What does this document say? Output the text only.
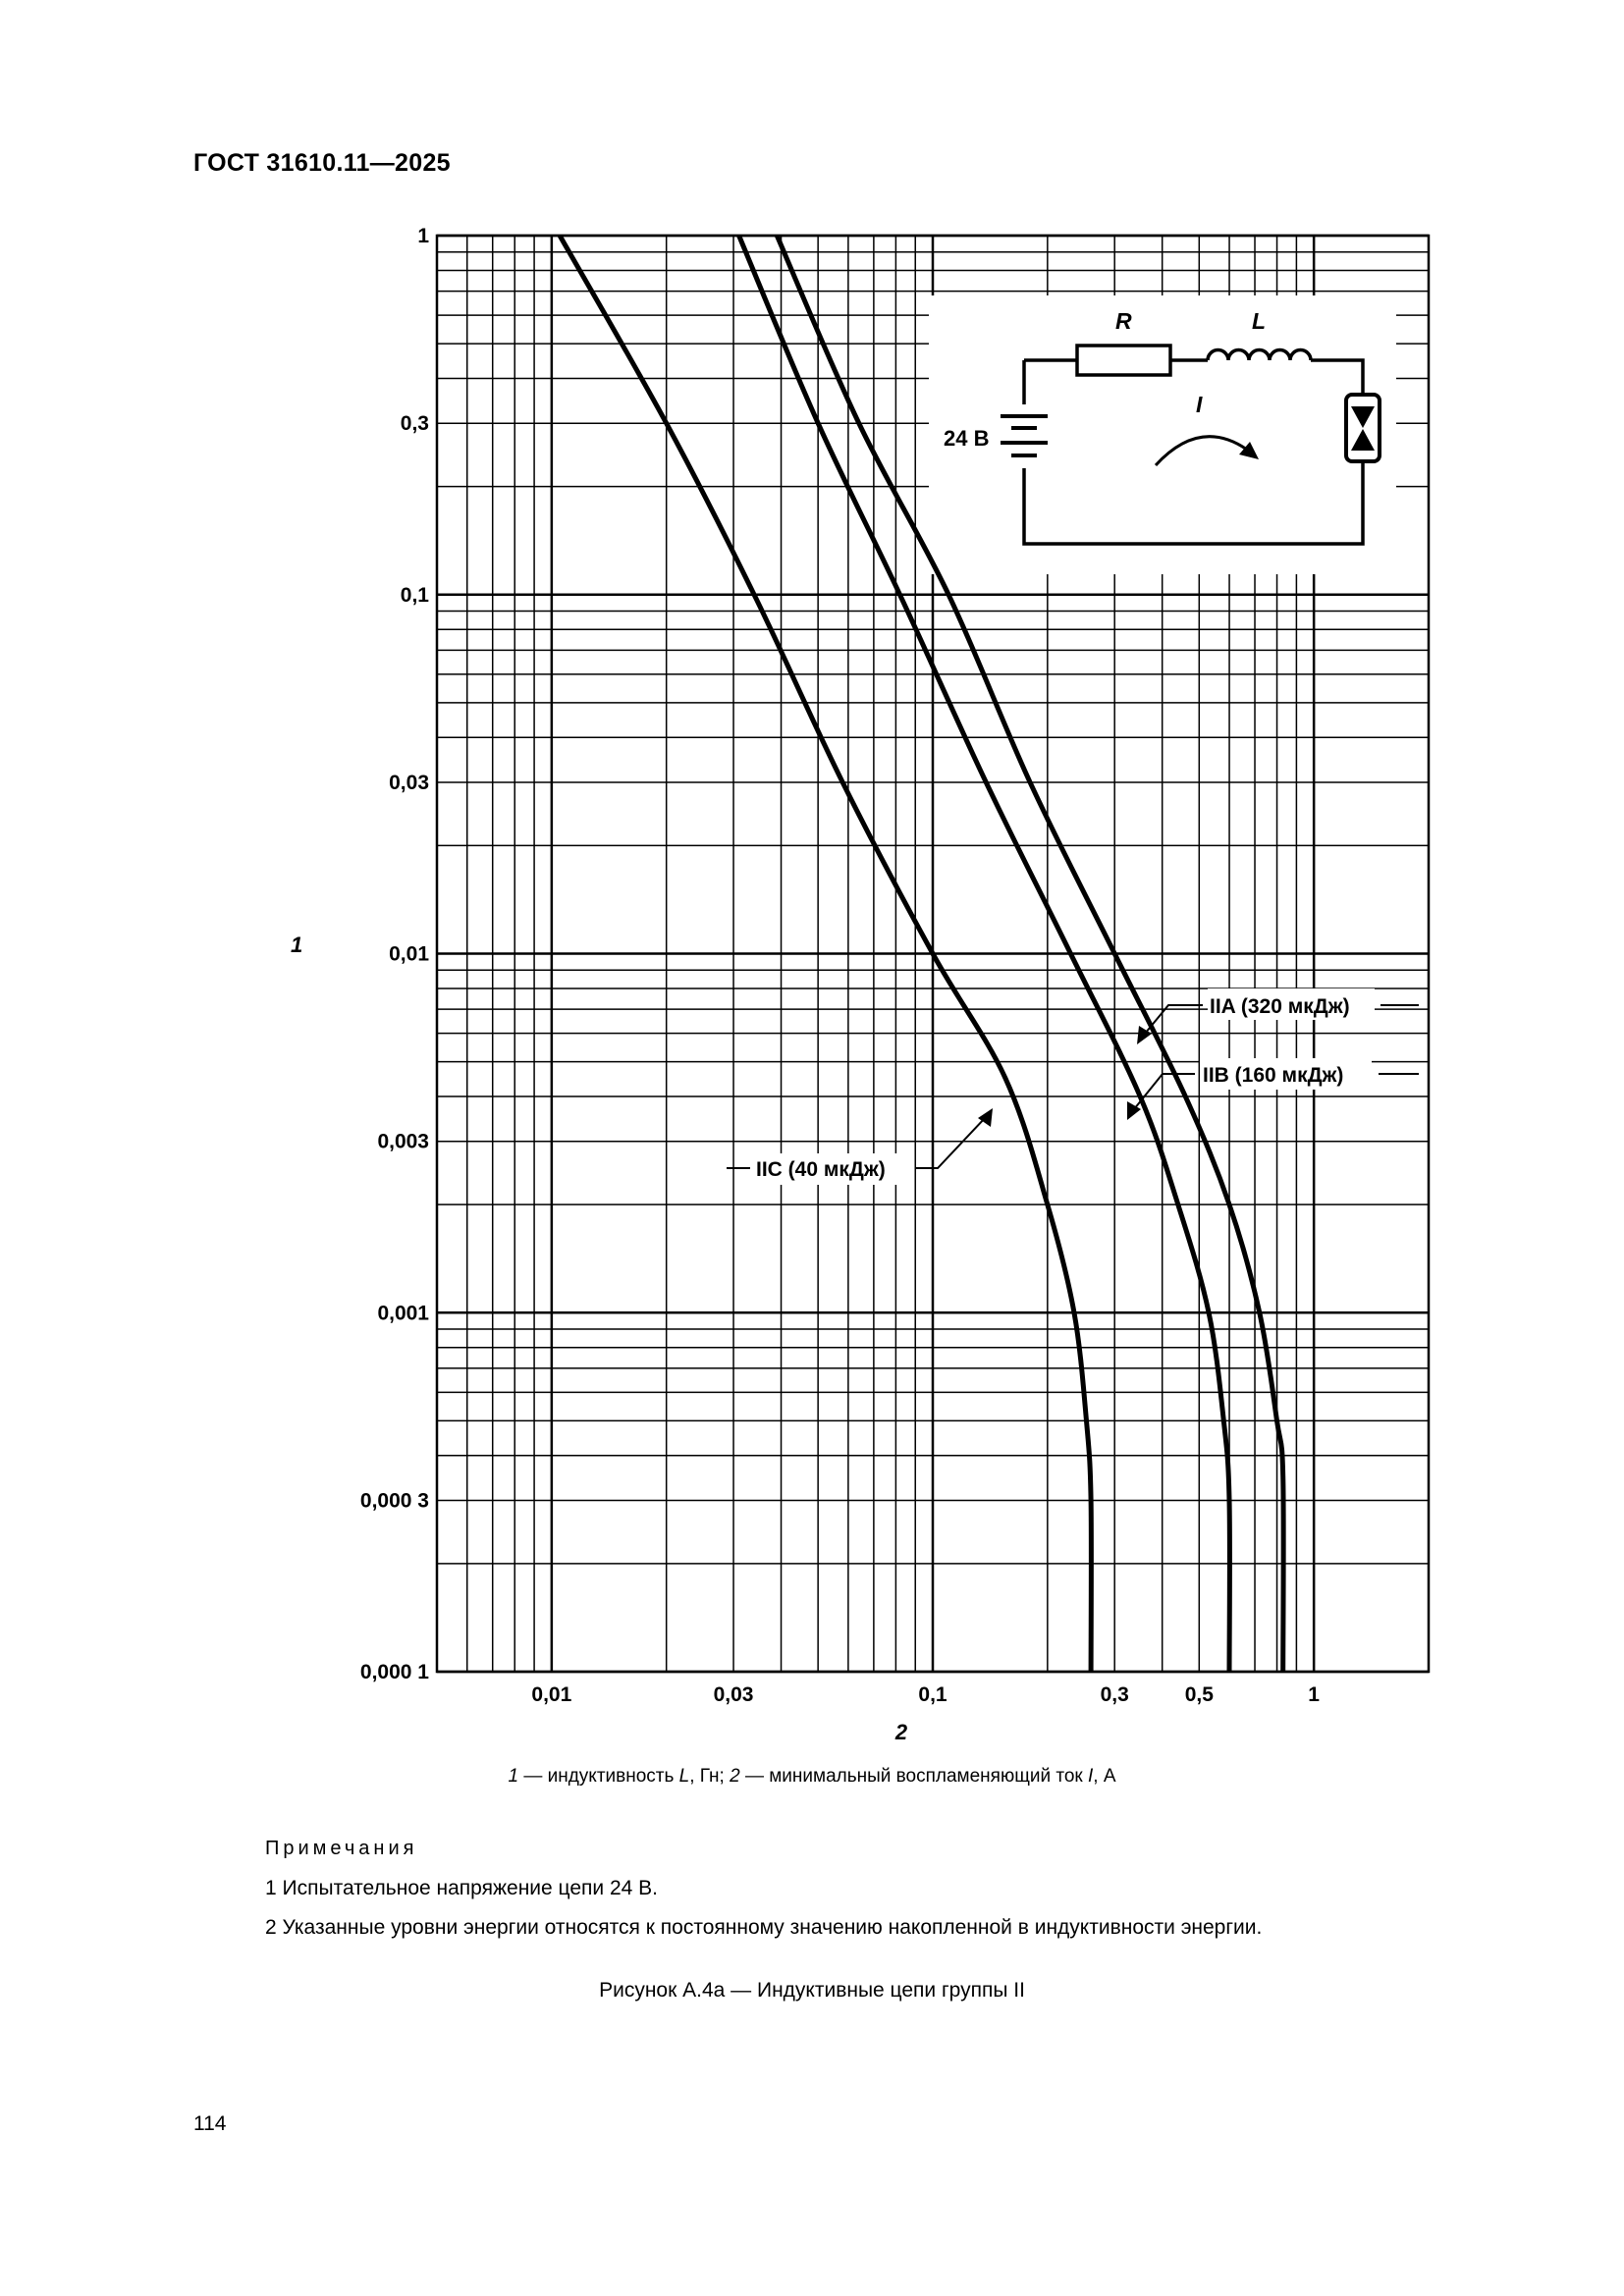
ГОСТ 31610.11—2025
R	L
I
24 В
0,01	0,03	0,1	0,3	0,5	1
1
0,3
0,1
0,03
0,01
0,003
0,001
0,000 3
0,000 1
1
2
IIA (320 мкДж)
IIB (160 мкДж)
IIC (40 мкДж)
1 — индуктивность L, Гн; 2 — минимальный воспламеняющий ток I, А
Примечания
1 Испытательное напряжение цепи 24 В.
2 Указанные уровни энергии относятся к постоянному значению накопленной в индуктивности энергии.
Рисунок А.4а — Индуктивные цепи группы II
114
